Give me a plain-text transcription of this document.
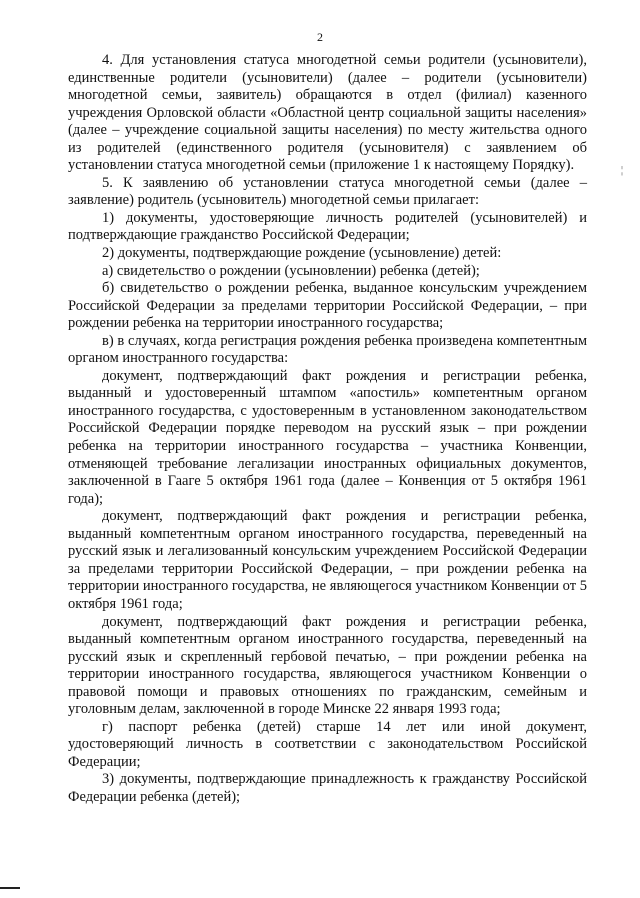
2

4. Для установления статуса многодетной семьи родители (усыновители), единственные родители (усыновители) (далее – родители (усыновители) многодетной семьи, заявитель) обращаются в отдел (филиал) казенного учреждения Орловской области «Областной центр социальной защиты населения» (далее – учреждение социальной защиты населения) по месту жительства одного из родителей (единственного родителя (усыновителя) с заявлением об установлении статуса многодетной семьи (приложение 1 к настоящему Порядку).

5. К заявлению об установлении статуса многодетной семьи (далее – заявление) родитель (усыновитель) многодетной семьи прилагает:

1) документы, удостоверяющие личность родителей (усыновителей) и подтверждающие гражданство Российской Федерации;

2) документы, подтверждающие рождение (усыновление) детей:

а) свидетельство о рождении (усыновлении) ребенка (детей);

б) свидетельство о рождении ребенка, выданное консульским учреждением Российской Федерации за пределами территории Российской Федерации, – при рождении ребенка на территории иностранного государства;

в) в случаях, когда регистрация рождения ребенка произведена компетентным органом иностранного государства:

документ, подтверждающий факт рождения и регистрации ребенка, выданный и удостоверенный штампом «апостиль» компетентным органом иностранного государства, с удостоверенным в установленном законодательством Российской Федерации порядке переводом на русский язык – при рождении ребенка на территории иностранного государства – участника Конвенции, отменяющей требование легализации иностранных официальных документов, заключенной в Гааге 5 октября 1961 года (далее – Конвенция от 5 октября 1961 года);

документ, подтверждающий факт рождения и регистрации ребенка, выданный компетентным органом иностранного государства, переведенный на русский язык и легализованный консульским учреждением Российской Федерации за пределами территории Российской Федерации, – при рождении ребенка на территории иностранного государства, не являющегося участником Конвенции от 5 октября 1961 года;

документ, подтверждающий факт рождения и регистрации ребенка, выданный компетентным органом иностранного государства, переведенный на русский язык и скрепленный гербовой печатью, – при рождении ребенка на территории иностранного государства, являющегося участником Конвенции о правовой помощи и правовых отношениях по гражданским, семейным и уголовным делам, заключенной в городе Минске 22 января 1993 года;

г) паспорт ребенка (детей) старше 14 лет или иной документ, удостоверяющий личность в соответствии с законодательством Российской Федерации;

3) документы, подтверждающие принадлежность к гражданству Российской Федерации ребенка (детей);

¦
